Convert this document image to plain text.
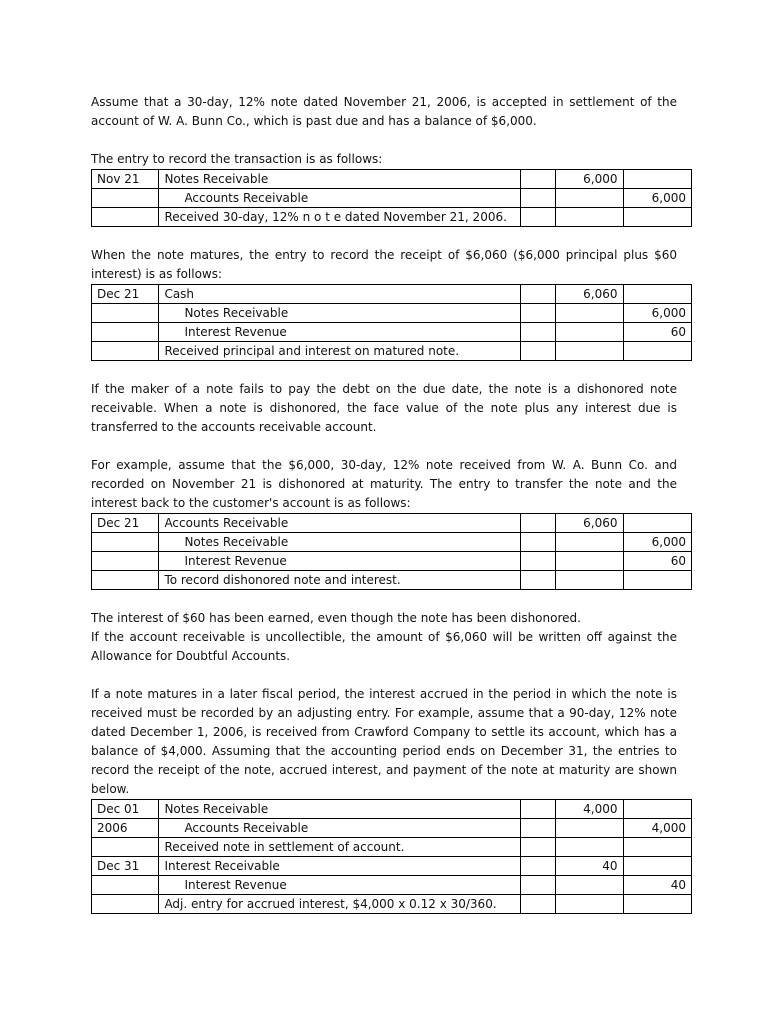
Assume that a 30-day, 12% note dated November 21, 2006, is accepted in settlement of the account of W. A. Bunn Co., which is past due and has a balance of $6,000.

The entry to record the transaction is as follows:

Nov 21	Notes Receivable		6,000	
	Accounts Receivable			6,000
	Received 30-day, 12% n o t e dated November 21, 2006.			

When the note matures, the entry to record the receipt of $6,060 ($6,000 principal plus $60 interest) is as follows:

Dec 21	Cash		6,060	
	Notes Receivable			6,000
	Interest Revenue			60
	Received principal and interest on matured note.			

If the maker of a note fails to pay the debt on the due date, the note is a dishonored note receivable. When a note is dishonored, the face value of the note plus any interest due is transferred to the accounts receivable account.

For example, assume that the $6,000, 30-day, 12% note received from W. A. Bunn Co. and recorded on November 21 is dishonored at maturity. The entry to transfer the note and the interest back to the customer's account is as follows:

Dec 21	Accounts Receivable		6,060	
	Notes Receivable			6,000
	Interest Revenue			60
	To record dishonored note and interest.			

The interest of $60 has been earned, even though the note has been dishonored.

If the account receivable is uncollectible, the amount of $6,060 will be written off against the Allowance for Doubtful Accounts.

If a note matures in a later fiscal period, the interest accrued in the period in which the note is received must be recorded by an adjusting entry. For example, assume that a 90-day, 12% note dated December 1, 2006, is received from Crawford Company to settle its account, which has a balance of $4,000. Assuming that the accounting period ends on December 31, the entries to record the receipt of the note, accrued interest, and payment of the note at maturity are shown below.

Dec 01	Notes Receivable		4,000	
2006	Accounts Receivable			4,000
	Received note in settlement of account.			
Dec 31	Interest Receivable		40	
	Interest Revenue			40
	Adj. entry for accrued interest, $4,000 x 0.12 x 30/360.			
